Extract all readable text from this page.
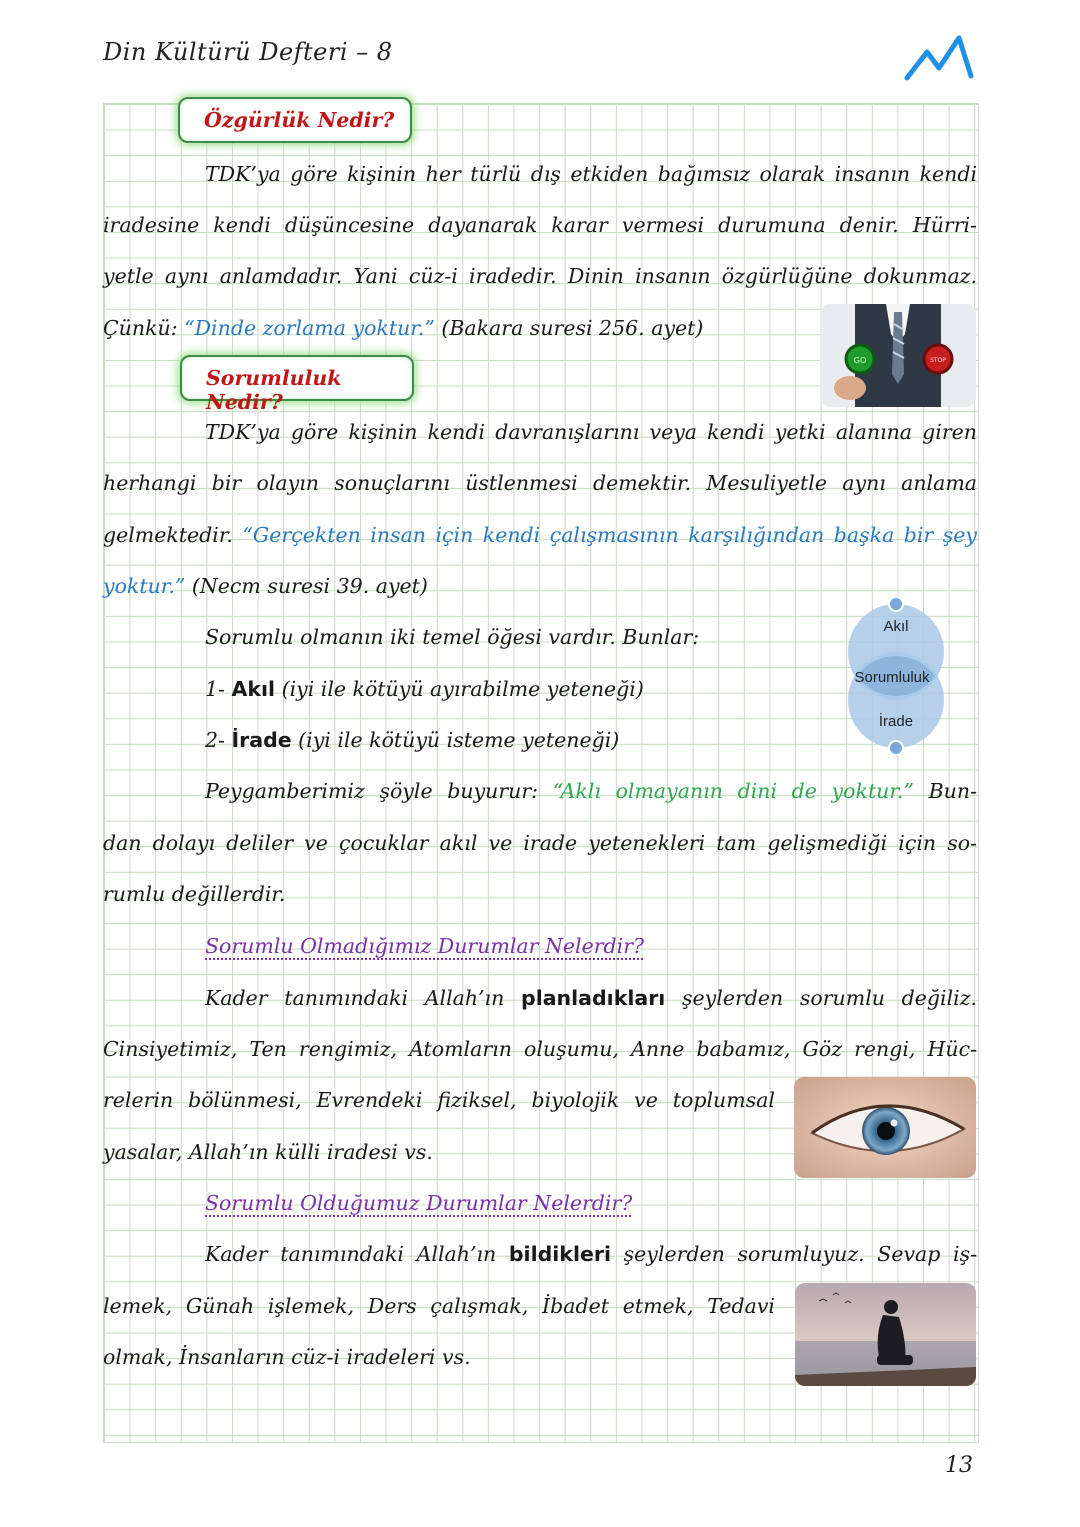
Din Kültürü Defteri – 8
Özgürlük Nedir?
TDK’ya göre kişinin her türlü dış etkiden bağımsız olarak insanın kendi
iradesine kendi düşüncesine dayanarak karar vermesi durumuna denir. Hürri-
yetle aynı anlamdadır. Yani cüz-i iradedir. Dinin insanın özgürlüğüne dokunmaz.
Çünkü: “Dinde zorlama yoktur.” (Bakara suresi 256. ayet)
GO	STOP
Sorumluluk Nedir?
TDK’ya göre kişinin kendi davranışlarını veya kendi yetki alanına giren
herhangi bir olayın sonuçlarını üstlenmesi demektir. Mesuliyetle aynı anlama
gelmektedir. “Gerçekten insan için kendi çalışmasının karşılığından başka bir şey
yoktur.” (Necm suresi 39. ayet)
Sorumlu olmanın iki temel öğesi vardır. Bunlar:
1- Akıl (iyi ile kötüyü ayırabilme yeteneği)
2- İrade (iyi ile kötüyü isteme yeteneği)
Akıl
Sorumluluk
İrade
Peygamberimiz şöyle buyurur: “Aklı olmayanın dini de yoktur.” Bun-
dan dolayı deliler ve çocuklar akıl ve irade yetenekleri tam gelişmediği için so-
rumlu değillerdir.
Sorumlu Olmadığımız Durumlar Nelerdir?
Kader tanımındaki Allah’ın planladıkları şeylerden sorumlu değiliz.
Cinsiyetimiz, Ten rengimiz, Atomların oluşumu, Anne babamız, Göz rengi, Hüc-
relerin bölünmesi, Evrendeki fiziksel, biyolojik ve toplumsal
yasalar, Allah’ın külli iradesi vs.
Sorumlu Olduğumuz Durumlar Nelerdir?
Kader tanımındaki Allah’ın bildikleri şeylerden sorumluyuz. Sevap iş-
lemek, Günah işlemek, Ders çalışmak, İbadet etmek, Tedavi
olmak, İnsanların cüz-i iradeleri vs.
13
